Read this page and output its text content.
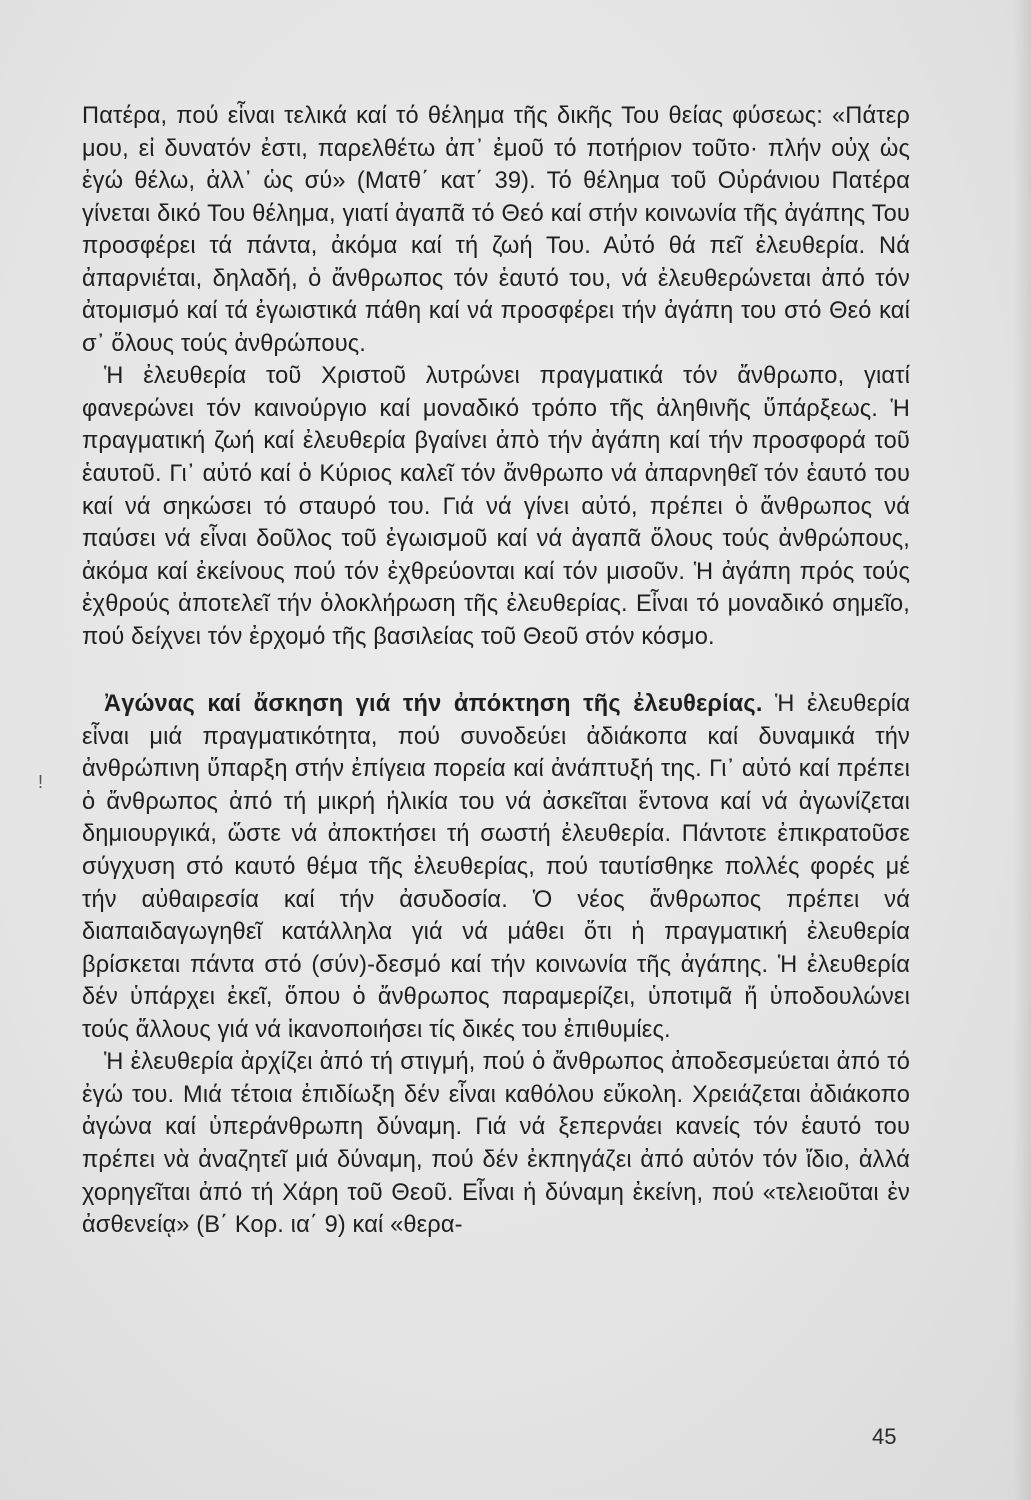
!

Πατέρα, πού εἶναι τελικά καί τό θέλημα τῆς δικῆς Του θείας φύσεως: «Πάτερ μου, εἰ δυνατόν ἐστι, παρελθέτω ἀπ᾽ ἐμοῦ τό ποτήριον τοῦτο· πλήν οὐχ ὡς ἐγώ θέλω, ἀλλ᾽ ὡς σύ» (Ματθ΄ κατ΄ 39). Τό θέλημα τοῦ Οὐράνιου Πατέρα γίνεται δικό Του θέλημα, γιατί ἀγαπᾶ τό Θεό καί στήν κοινωνία τῆς ἀγάπης Του προσφέρει τά πάντα, ἀκόμα καί τή ζωή Του. Αὐτό θά πεῖ ἐλευθερία. Νά ἀπαρνιέται, δηλαδή, ὁ ἄνθρωπος τόν ἑαυτό του, νά ἐλευθερώνεται ἀπό τόν ἀτομισμό καί τά ἐγωιστικά πάθη καί νά προσφέρει τήν ἀγάπη του στό Θεό καί σ᾽ ὅλους τούς ἀνθρώπους.

Ἡ ἐλευθερία τοῦ Χριστοῦ λυτρώνει πραγματικά τόν ἄνθρωπο, γιατί φανερώνει τόν καινούργιο καί μοναδικό τρόπο τῆς ἀληθινῆς ὕπάρξεως. Ἡ πραγματική ζωή καί ἐλευθερία βγαίνει ἀπὸ τήν ἀγάπη καί τήν προσφορά τοῦ ἑαυτοῦ. Γι᾽ αὐτό καί ὁ Κύριος καλεῖ τόν ἄνθρωπο νά ἀπαρνηθεῖ τόν ἑαυτό του καί νά σηκώσει τό σταυρό του. Γιά νά γίνει αὐτό, πρέπει ὁ ἄνθρωπος νά παύσει νά εἶναι δοῦλος τοῦ ἐγωισμοῦ καί νά ἀγαπᾶ ὅλους τούς ἀνθρώπους, ἀκόμα καί ἐκείνους πού τόν ἐχθρεύονται καί τόν μισοῦν. Ἡ ἀγάπη πρός τούς ἐχθρούς ἀποτελεῖ τήν ὁλοκλήρωση τῆς ἐλευθερίας. Εἶναι τό μοναδικό σημεῖο, πού δείχνει τόν ἐρχομό τῆς βασιλείας τοῦ Θεοῦ στόν κόσμο.

Ἀγώνας καί ἄσκηση γιά τήν ἀπόκτηση τῆς ἐλευθερίας. Ἡ ἐλευθερία εἶναι μιά πραγματικότητα, πού συνοδεύει ἀδιάκοπα καί δυναμικά τήν ἀνθρώπινη ὕπαρξη στήν ἐπίγεια πορεία καί ἀνάπτυξή της. Γι᾽ αὐτό καί πρέπει ὁ ἄνθρωπος ἀπό τή μικρή ἡλικία του νά ἀσκεῖται ἔντονα καί νά ἀγωνίζεται δημιουργικά, ὥστε νά ἀποκτήσει τή σωστή ἐλευθερία. Πάντοτε ἐπικρατοῦσε σύγχυση στό καυτό θέμα τῆς ἐλευθερίας, πού ταυτίσθηκε πολλές φορές μέ τήν αὐθαιρεσία καί τήν ἀσυδοσία. Ὁ νέος ἄνθρωπος πρέπει νά διαπαιδαγωγηθεῖ κατάλληλα γιά νά μάθει ὅτι ἡ πραγματική ἐλευθερία βρίσκεται πάντα στό (σύν)-δεσμό καί τήν κοινωνία τῆς ἀγάπης. Ἡ ἐλευθερία δέν ὑπάρχει ἐκεῖ, ὅπου ὁ ἄνθρωπος παραμερίζει, ὑποτιμᾶ ἤ ὑποδουλώνει τούς ἄλλους γιά νά ἱκανοποιήσει τίς δικές του ἐπιθυμίες.

Ἡ ἐλευθερία ἀρχίζει ἀπό τή στιγμή, πού ὁ ἄνθρωπος ἀποδεσμεύεται ἀπό τό ἐγώ του. Μιά τέτοια ἐπιδίωξη δέν εἶναι καθόλου εὔκολη. Χρειάζεται ἀδιάκοπο ἀγώνα καί ὑπεράνθρωπη δύναμη. Γιά νά ξεπερνάει κανείς τόν ἑαυτό του πρέπει νὰ ἀναζητεῖ μιά δύναμη, πού δέν ἐκπηγάζει ἀπό αὐτόν τόν ἴδιο, ἀλλά χορηγεῖται ἀπό τή Χάρη τοῦ Θεοῦ. Εἶναι ἡ δύναμη ἐκείνη, πού «τελειοῦται ἐν ἀσθενείᾳ» (Β΄ Κορ. ια΄ 9) καί «θερα-

45
